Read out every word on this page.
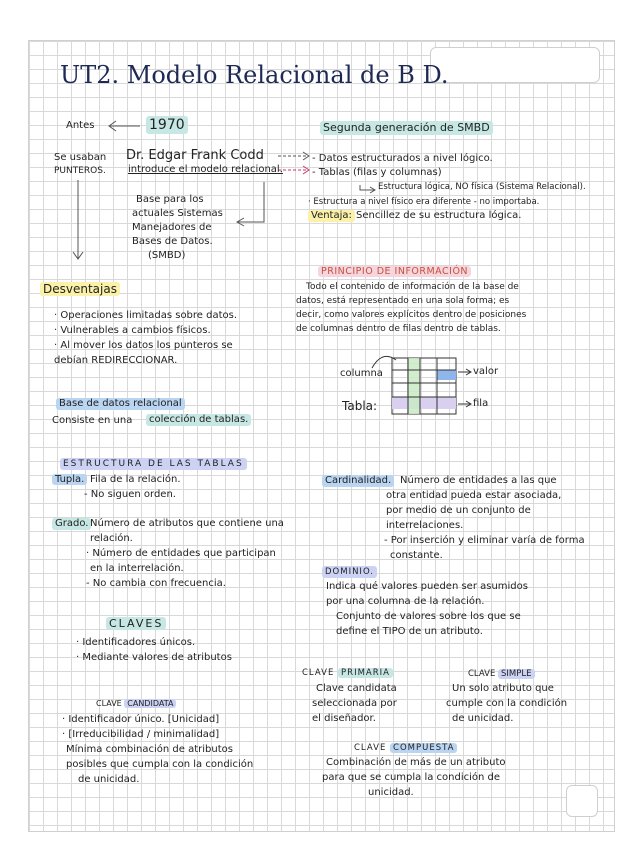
UT2. Modelo Relacional de B D.
Antes	1970
Se usaban
PUNTEROS.
Dr. Edgar Frank Codd
introduce el modelo relacional.
Base para los
actuales Sistemas
Manejadores de
Bases de Datos.
(SMBD)
Desventajas
· Operaciones limitadas sobre datos.
· Vulnerables a cambios físicos.
· Al mover los datos los punteros se
debían REDIRECCIONAR.
Base de datos relacional
Consiste en una	colección de tablas.
ESTRUCTURA DE LAS TABLAS
Tupla. Fila de la relación.
- No siguen orden.
Grado. Número de atributos que contiene una
relación.
· Número de entidades que participan
en la interrelación.
- No cambia con frecuencia.
CLAVES
· Identificadores únicos.
· Mediante valores de atributos
CLAVE CANDIDATA
· Identificador único. [Unicidad]
· [Irreducibilidad / minimalidad]
Mínima combinación de atributos
posibles que cumpla con la condición
de unicidad.
Segunda generación de SMBD
- Datos estructurados a nivel lógico.
- Tablas (filas y columnas)
Estructura lógica, NO física (Sistema Relacional).
· Estructura a nivel físico era diferente - no importaba.
Ventaja: Sencillez de su estructura lógica.
PRINCIPIO DE INFORMACIÓN
Todo el contenido de información de la base de
datos, está representado en una sola forma; es
decir, como valores explícitos dentro de posiciones
de columnas dentro de filas dentro de tablas.
columna	valor
Tabla:	fila
Cardinalidad. Número de entidades a las que
otra entidad pueda estar asociada,
por medio de un conjunto de
interrelaciones.
- Por inserción y eliminar varía de forma
constante.
DOMINIO.
Indica qué valores pueden ser asumidos
por una columna de la relación.
Conjunto de valores sobre los que se
define el TIPO de un atributo.
CLAVE PRIMARIA
Clave candidata
seleccionada por
el diseñador.
CLAVE SIMPLE
Un solo atributo que
cumple con la condición
de unicidad.
CLAVE COMPUESTA
Combinación de más de un atributo
para que se cumpla la condición de
unicidad.
